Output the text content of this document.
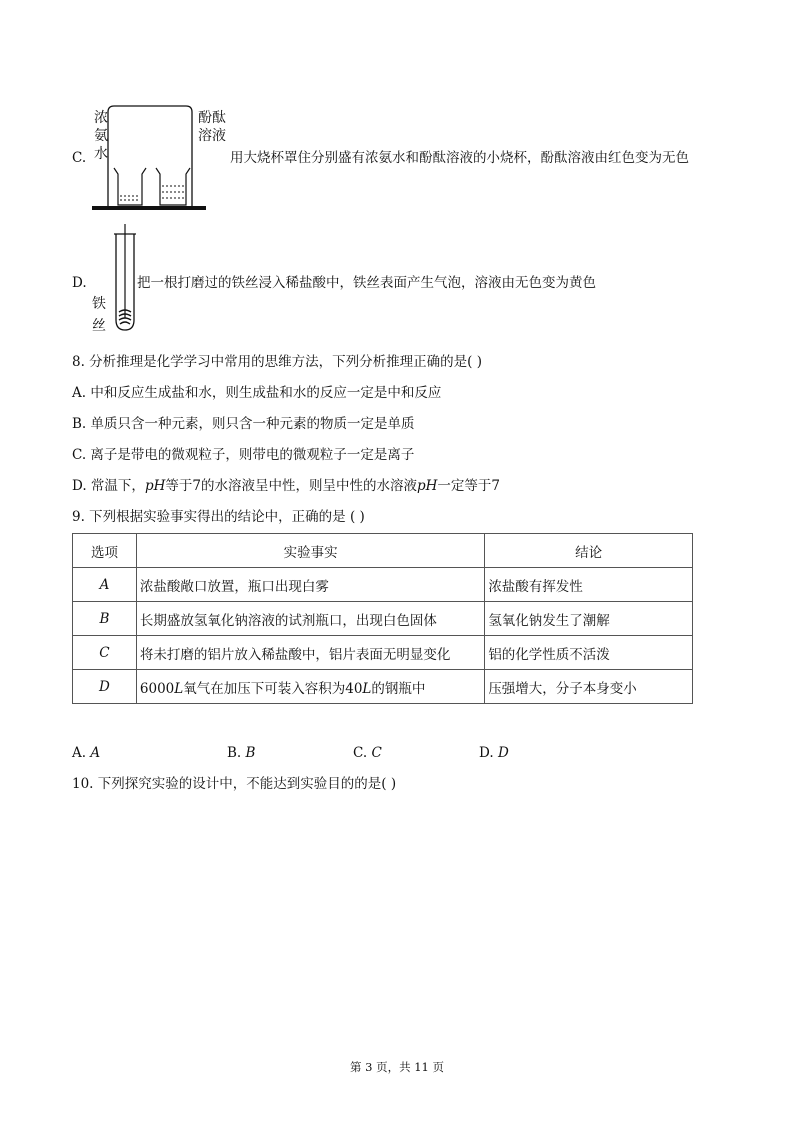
C.
浓
氨
水
酚酞
溶液
用大烧杯罩住分别盛有浓氨水和酚酞溶液的小烧杯，酚酞溶液由红色变为无色
D.
铁
丝
把一根打磨过的铁丝浸入稀盐酸中，铁丝表面产生气泡，溶液由无色变为黄色
8. 分析推理是化学学习中常用的思维方法，下列分析推理正确的是( )
A. 中和反应生成盐和水，则生成盐和水的反应一定是中和反应
B. 单质只含一种元素，则只含一种元素的物质一定是单质
C. 离子是带电的微观粒子，则带电的微观粒子一定是离子
D. 常温下，pH等于7的水溶液呈中性，则呈中性的水溶液pH一定等于7
9. 下列根据实验事实得出的结论中，正确的是 ( )
选项	实验事实	结论
A	浓盐酸敞口放置，瓶口出现白雾	浓盐酸有挥发性
B	长期盛放氢氧化钠溶液的试剂瓶口，出现白色固体	氢氧化钠发生了潮解
C	将未打磨的铝片放入稀盐酸中，铝片表面无明显变化	铝的化学性质不活泼
D	6000L氧气在加压下可装入容积为40L的钢瓶中	压强增大，分子本身变小
A. A	B. B	C. C	D. D
10. 下列探究实验的设计中，不能达到实验目的的是( )
第 3 页，共 11 页
